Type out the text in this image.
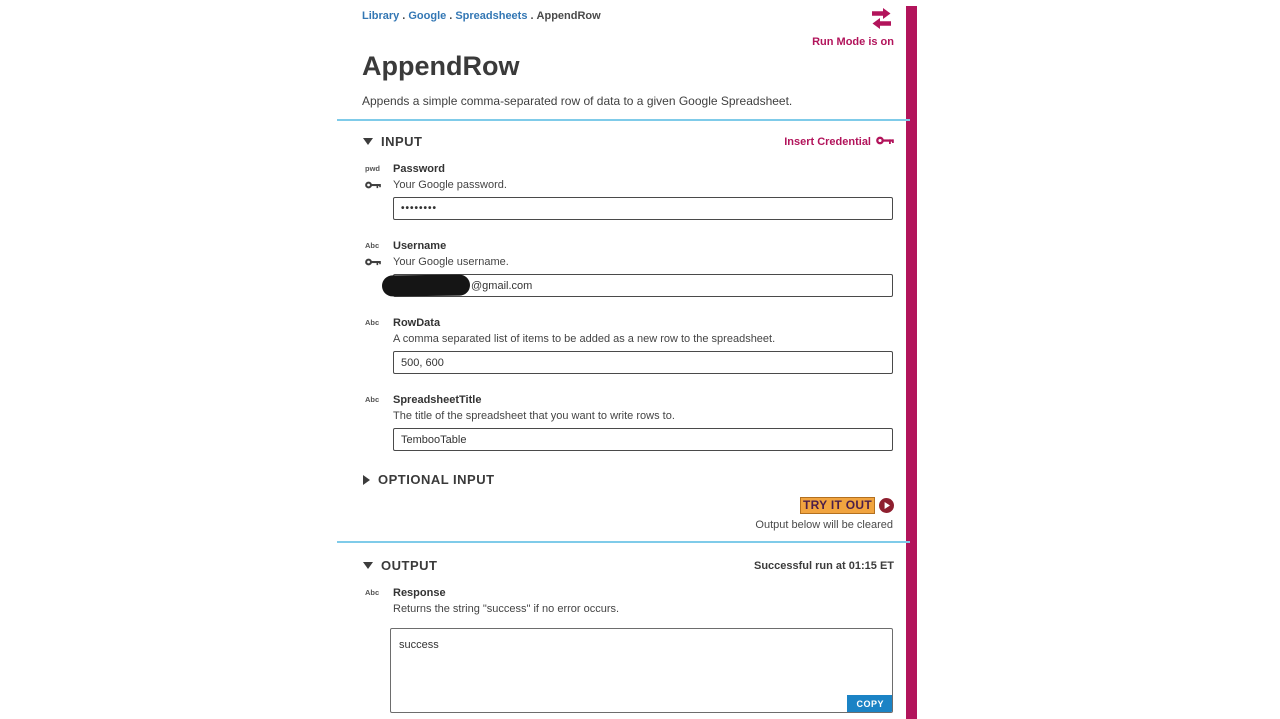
Library . Google . Spreadsheets . AppendRow
Run Mode is on
AppendRow
Appends a simple comma-separated row of data to a given Google Spreadsheet.
INPUT	Insert Credential
pwd Password
Your Google password.
••••••••
Abc Username
Your Google username.
@gmail.com
Abc RowData
A comma separated list of items to be added as a new row to the spreadsheet.
500, 600
Abc SpreadsheetTitle
The title of the spreadsheet that you want to write rows to.
TembooTable
OPTIONAL INPUT
TRY IT OUT
Output below will be cleared
OUTPUT	Successful run at 01:15 ET
Abc Response
Returns the string "success" if no error occurs.
success
COPY
